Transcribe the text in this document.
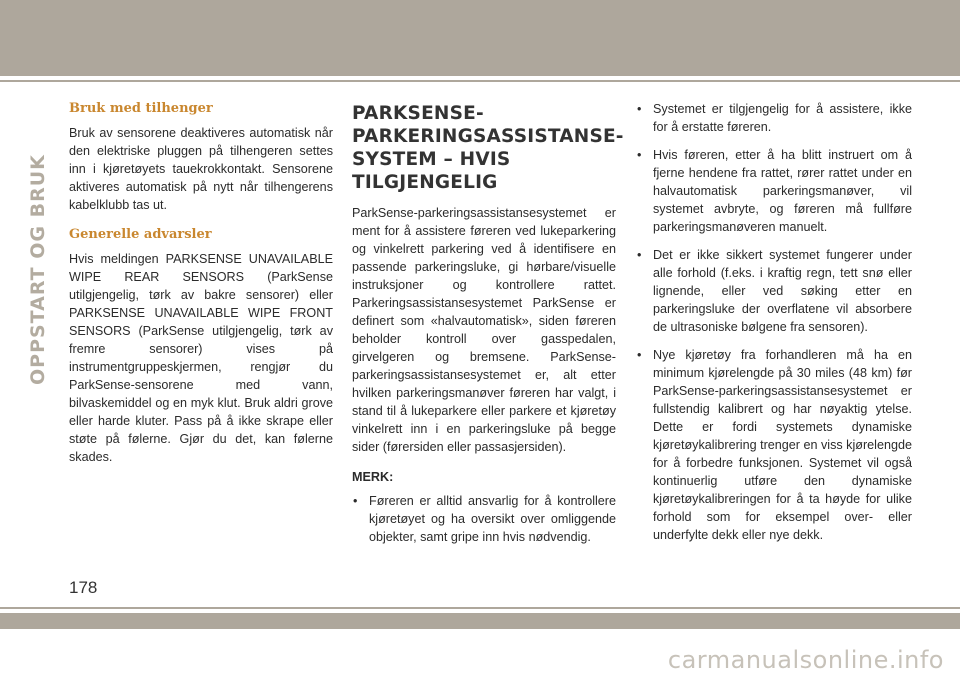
OPPSTART OG BRUK
Bruk med tilhenger

Bruk av sensorene deaktiveres automatisk når den elektriske pluggen på tilhengeren settes inn i kjøretøyets tauekrokkontakt. Sensorene aktiveres automatisk på nytt når tilhengerens kabelklubb tas ut.

Generelle advarsler

Hvis meldingen PARKSENSE UNAVAILABLE WIPE REAR SENSORS (ParkSense utilgjengelig, tørk av bakre sensorer) eller PARKSENSE UNAVAILABLE WIPE FRONT SENSORS (ParkSense utilgjengelig, tørk av fremre sensorer) vises på instrumentgruppeskjermen, rengjør du ParkSense-sensorene med vann, bilvaskemiddel og en myk klut. Bruk aldri grove eller harde kluter. Pass på å ikke skrape eller støte på følerne. Gjør du det, kan følerne skades.

PARKSENSE-PARKERINGSASSISTANSE-SYSTEM – HVIS TILGJENGELIG

ParkSense-parkeringsassistansesystemet er ment for å assistere føreren ved lukeparkering og vinkelrett parkering ved å identifisere en passende parkeringsluke, gi hørbare/visuelle instruksjoner og kontrollere rattet. Parkeringsassistansesystemet ParkSense er definert som «halvautomatisk», siden føreren beholder kontroll over gasspedalen, girvelgeren og bremsene. ParkSense-parkeringsassistansesystemet er, alt etter hvilken parkeringsmanøver føreren har valgt, i stand til å lukeparkere eller parkere et kjøretøy vinkelrett inn i en parkeringsluke på begge sider (førersiden eller passasjersiden).

MERK:
• Føreren er alltid ansvarlig for å kontrollere kjøretøyet og ha oversikt over omliggende objekter, samt gripe inn hvis nødvendig.
• Systemet er tilgjengelig for å assistere, ikke for å erstatte føreren.
• Hvis føreren, etter å ha blitt instruert om å fjerne hendene fra rattet, rører rattet under en halvautomatisk parkeringsmanøver, vil systemet avbryte, og føreren må fullføre parkeringsmanøveren manuelt.
• Det er ikke sikkert systemet fungerer under alle forhold (f.eks. i kraftig regn, tett snø eller lignende, eller ved søking etter en parkeringsluke der overflatene vil absorbere de ultrasoniske bølgene fra sensoren).
• Nye kjøretøy fra forhandleren må ha en minimum kjørelengde på 30 miles (48 km) før ParkSense-parkeringsassistansesystemet er fullstendig kalibrert og har nøyaktig ytelse. Dette er fordi systemets dynamiske kjøretøykalibrering trenger en viss kjørelengde for å forbedre funksjonen. Systemet vil også kontinuerlig utføre den dynamiske kjøretøykalibreringen for å ta høyde for ulike forhold som for eksempel over- eller underfylte dekk eller nye dekk.
178
carmanualsonline.info
